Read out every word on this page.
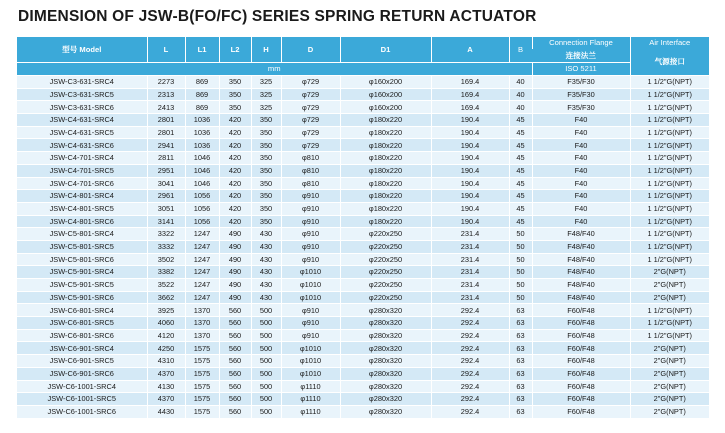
DIMENSION OF JSW-B(FO/FC) SERIES SPRING RETURN ACTUATOR
型号 Model	L	L1	L2	H	D	D1	A	B	Connection Flange	Air Interface
									连接法兰	气源接口
mm									ISO 5211	
JSW-C3-631-SRC4	2273	869	350	325	φ729	φ160x200	169.4	40	F35/F30	1 1/2"G(NPT)
JSW-C3-631-SRC5	2313	869	350	325	φ729	φ160x200	169.4	40	F35/F30	1 1/2"G(NPT)
JSW-C3-631-SRC6	2413	869	350	325	φ729	φ160x200	169.4	40	F35/F30	1 1/2"G(NPT)
JSW-C4-631-SRC4	2801	1036	420	350	φ729	φ180x220	190.4	45	F40	1 1/2"G(NPT)
JSW-C4-631-SRC5	2801	1036	420	350	φ729	φ180x220	190.4	45	F40	1 1/2"G(NPT)
JSW-C4-631-SRC6	2941	1036	420	350	φ729	φ180x220	190.4	45	F40	1 1/2"G(NPT)
JSW-C4-701-SRC4	2811	1046	420	350	φ810	φ180x220	190.4	45	F40	1 1/2"G(NPT)
JSW-C4-701-SRC5	2951	1046	420	350	φ810	φ180x220	190.4	45	F40	1 1/2"G(NPT)
JSW-C4-701-SRC6	3041	1046	420	350	φ810	φ180x220	190.4	45	F40	1 1/2"G(NPT)
JSW-C4-801-SRC4	2961	1056	420	350	φ910	φ180x220	190.4	45	F40	1 1/2"G(NPT)
JSW-C4-801-SRC5	3051	1056	420	350	φ910	φ180x220	190.4	45	F40	1 1/2"G(NPT)
JSW-C4-801-SRC6	3141	1056	420	350	φ910	φ180x220	190.4	45	F40	1 1/2"G(NPT)
JSW-C5-801-SRC4	3322	1247	490	430	φ910	φ220x250	231.4	50	F48/F40	1 1/2"G(NPT)
JSW-C5-801-SRC5	3332	1247	490	430	φ910	φ220x250	231.4	50	F48/F40	1 1/2"G(NPT)
JSW-C5-801-SRC6	3502	1247	490	430	φ910	φ220x250	231.4	50	F48/F40	1 1/2"G(NPT)
JSW-C5-901-SRC4	3382	1247	490	430	φ1010	φ220x250	231.4	50	F48/F40	2"G(NPT)
JSW-C5-901-SRC5	3522	1247	490	430	φ1010	φ220x250	231.4	50	F48/F40	2"G(NPT)
JSW-C5-901-SRC6	3662	1247	490	430	φ1010	φ220x250	231.4	50	F48/F40	2"G(NPT)
JSW-C6-801-SRC4	3925	1370	560	500	φ910	φ280x320	292.4	63	F60/F48	1 1/2"G(NPT)
JSW-C6-801-SRC5	4060	1370	560	500	φ910	φ280x320	292.4	63	F60/F48	1 1/2"G(NPT)
JSW-C6-801-SRC6	4120	1370	560	500	φ910	φ280x320	292.4	63	F60/F48	1 1/2"G(NPT)
JSW-C6-901-SRC4	4250	1575	560	500	φ1010	φ280x320	292.4	63	F60/F48	2"G(NPT)
JSW-C6-901-SRC5	4310	1575	560	500	φ1010	φ280x320	292.4	63	F60/F48	2"G(NPT)
JSW-C6-901-SRC6	4370	1575	560	500	φ1010	φ280x320	292.4	63	F60/F48	2"G(NPT)
JSW-C6-1001-SRC4	4130	1575	560	500	φ1110	φ280x320	292.4	63	F60/F48	2"G(NPT)
JSW-C6-1001-SRC5	4370	1575	560	500	φ1110	φ280x320	292.4	63	F60/F48	2"G(NPT)
JSW-C6-1001-SRC6	4430	1575	560	500	φ1110	φ280x320	292.4	63	F60/F48	2"G(NPT)
